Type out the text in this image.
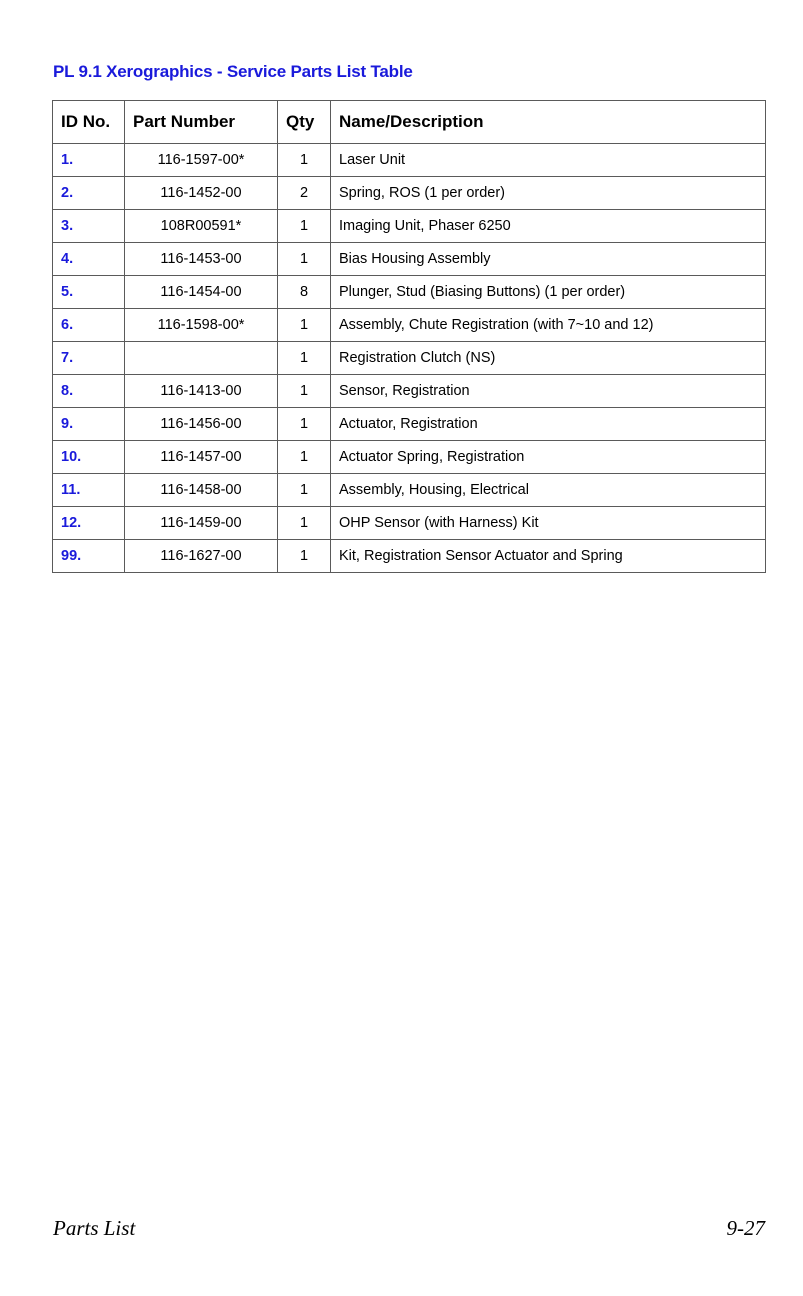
PL 9.1 Xerographics - Service Parts List Table
ID No.	Part Number	Qty	Name/Description
1.	116-1597-00*	1	Laser Unit
2.	116-1452-00	2	Spring, ROS (1 per order)
3.	108R00591*	1	Imaging Unit, Phaser 6250
4.	116-1453-00	1	Bias Housing Assembly
5.	116-1454-00	8	Plunger, Stud (Biasing Buttons) (1 per order)
6.	116-1598-00*	1	Assembly, Chute Registration (with 7~10 and 12)
7.		1	Registration Clutch (NS)
8.	116-1413-00	1	Sensor, Registration
9.	116-1456-00	1	Actuator, Registration
10.	116-1457-00	1	Actuator Spring, Registration
11.	116-1458-00	1	Assembly, Housing, Electrical
12.	116-1459-00	1	OHP Sensor (with Harness) Kit
99.	116-1627-00	1	Kit, Registration Sensor Actuator and Spring
Parts List	9-27
